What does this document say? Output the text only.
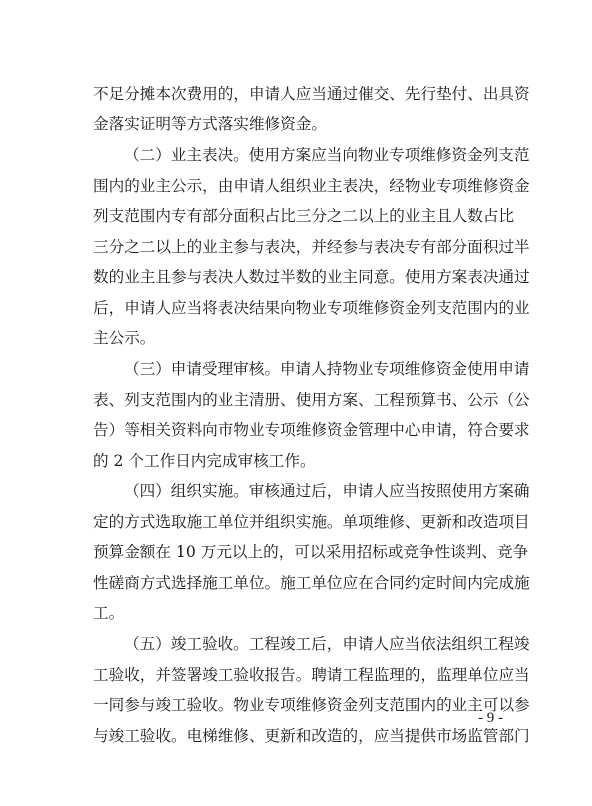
不足分摊本次费用的，申请人应当通过催交、先行垫付、出具资
金落实证明等方式落实维修资金。
（二）业主表决。使用方案应当向物业专项维修资金列支范
围内的业主公示，由申请人组织业主表决，经物业专项维修资金
列支范围内专有部分面积占比三分之二以上的业主且人数占比
三分之二以上的业主参与表决，并经参与表决专有部分面积过半
数的业主且参与表决人数过半数的业主同意。使用方案表决通过
后，申请人应当将表决结果向物业专项维修资金列支范围内的业
主公示。
（三）申请受理审核。申请人持物业专项维修资金使用申请
表、列支范围内的业主清册、使用方案、工程预算书、公示（公
告）等相关资料向市物业专项维修资金管理中心申请，符合要求
的 2 个工作日内完成审核工作。
（四）组织实施。审核通过后，申请人应当按照使用方案确
定的方式选取施工单位并组织实施。单项维修、更新和改造项目
预算金额在 10 万元以上的，可以采用招标或竞争性谈判、竞争
性磋商方式选择施工单位。施工单位应在合同约定时间内完成施
工。
（五）竣工验收。工程竣工后，申请人应当依法组织工程竣
工验收，并签署竣工验收报告。聘请工程监理的，监理单位应当
一同参与竣工验收。物业专项维修资金列支范围内的业主可以参
与竣工验收。电梯维修、更新和改造的，应当提供市场监管部门
- 9 -
